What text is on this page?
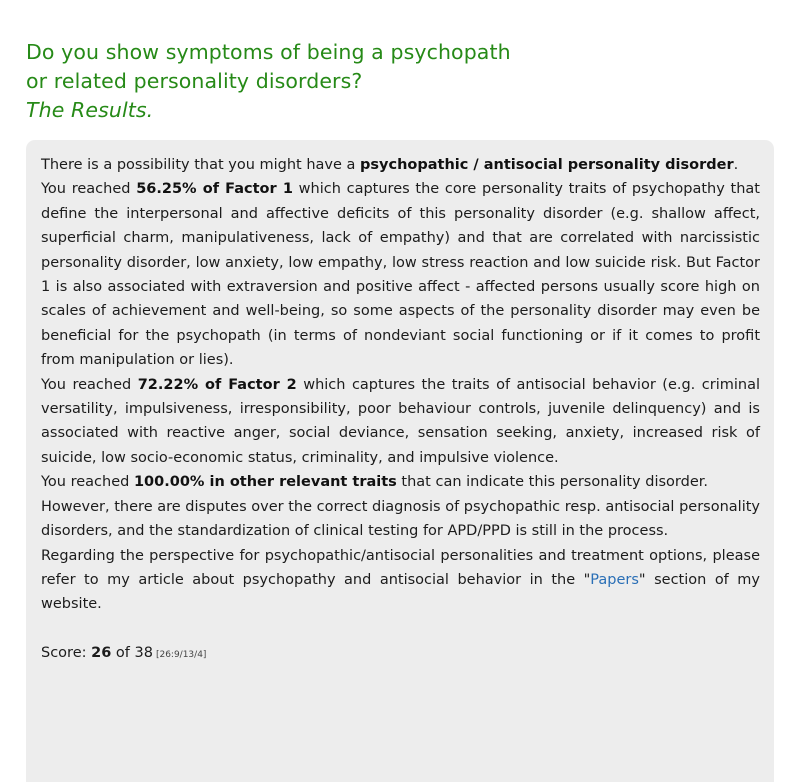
Do you show symptoms of being a psychopath
or related personality disorders?
The Results.

There is a possibility that you might have a psychopathic / antisocial personality disorder.

You reached 56.25% of Factor 1 which captures the core personality traits of psychopathy that define the interpersonal and affective deficits of this personality disorder (e.g. shallow affect, superficial charm, manipulativeness, lack of empathy) and that are correlated with narcissistic personality disorder, low anxiety, low empathy, low stress reaction and low suicide risk. But Factor 1 is also associated with extraversion and positive affect - affected persons usually score high on scales of achievement and well-being, so some aspects of the personality disorder may even be beneficial for the psychopath (in terms of nondeviant social functioning or if it comes to profit from manipulation or lies).

You reached 72.22% of Factor 2 which captures the traits of antisocial behavior (e.g. criminal versatility, impulsiveness, irresponsibility, poor behaviour controls, juvenile delinquency) and is associated with reactive anger, social deviance, sensation seeking, anxiety, increased risk of suicide, low socio-economic status, criminality, and impulsive violence.

You reached 100.00% in other relevant traits that can indicate this personality disorder.

However, there are disputes over the correct diagnosis of psychopathic resp. antisocial personality disorders, and the standardization of clinical testing for APD/PPD is still in the process.

Regarding the perspective for psychopathic/antisocial personalities and treatment options, please refer to my article about psychopathy and antisocial behavior in the "Papers" section of my website.

Score: 26 of 38 [26:9/13/4]
